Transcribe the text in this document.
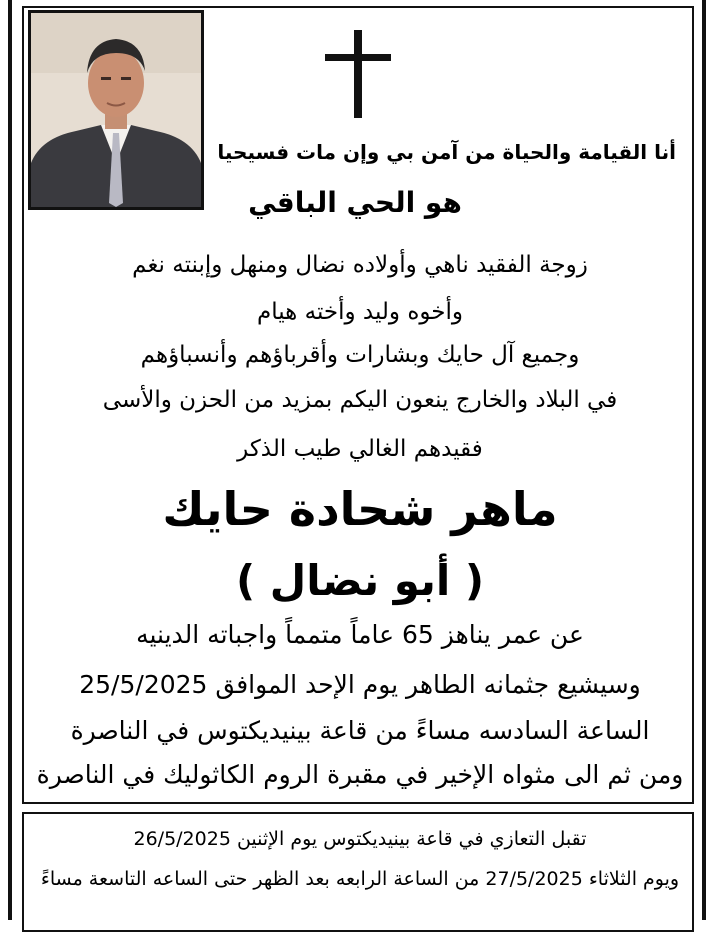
أنا القيامة والحياة من آمن بي وإن مات فسيحيا
هو الحي الباقي
زوجة الفقيد ناهي وأولاده نضال ومنهل وإبنته نغم
وأخوه وليد وأخته هيام
وجميع آل حايك وبشارات وأقرباؤهم وأنسباؤهم
في البلاد والخارج ينعون اليكم بمزيد من الحزن والأسى
فقيدهم الغالي طيب الذكر
ماهر شحادة حايك
( أبو نضال )
عن عمر يناهز 65 عاماً متمماً واجباته الدينيه
وسيشيع جثمانه الطاهر يوم الإحد الموافق 25/5/2025
الساعة السادسه مساءً من قاعة بينيديكتوس في الناصرة
ومن ثم الى مثواه الإخير في مقبرة الروم الكاثوليك في الناصرة
تقبل التعازي في قاعة بينيديكتوس يوم الإثنين 26/5/2025
ويوم الثلاثاء 27/5/2025 من الساعة الرابعه بعد الظهر حتى الساعه التاسعة مساءً
